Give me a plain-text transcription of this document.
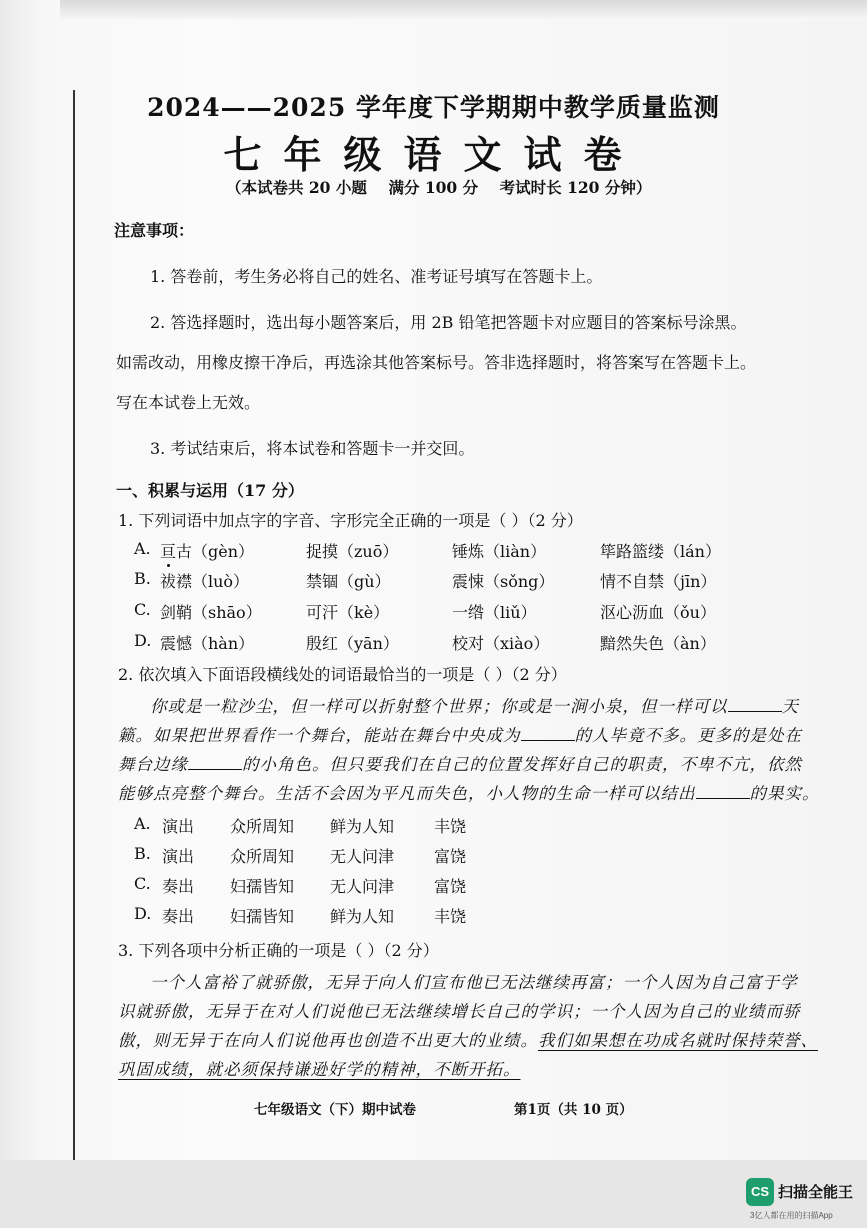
2024——2025 学年度下学期期中教学质量监测
七年级语文试卷
（本试卷共 20 小题    满分 100 分    考试时长 120 分钟）
注意事项：
1. 答卷前，考生务必将自己的姓名、准考证号填写在答题卡上。
2. 答选择题时，选出每小题答案后，用 2B 铅笔把答题卡对应题目的答案标号涂黑。
如需改动，用橡皮擦干净后，再选涂其他答案标号。答非选择题时，将答案写在答题卡上。
写在本试卷上无效。
3. 考试结束后，将本试卷和答题卡一并交回。
一、积累与运用（17 分）
1. 下列词语中加点字的字音、字形完全正确的一项是（ ）（2 分）
A. 亘古（gèn）	捉摸（zuō）	锤炼（liàn）	筚路篮缕（lán）
B. 祓襟（luò）	禁锢（gù）	震悚（sǒng）	情不自禁（jīn）
C. 剑鞘（shāo）	可汗（kè）	一绺（liǔ）	沤心沥血（ǒu）
D. 震憾（hàn）	殷红（yān）	校对（xiào）	黯然失色（àn）
2. 依次填入下面语段横线处的词语最恰当的一项是（ ）（2 分）
你或是一粒沙尘，但一样可以折射整个世界；你或是一涧小泉，但一样可以	天
籁。如果把世界看作一个舞台，能站在舞台中央成为	的人毕竟不多。更多的是处在
舞台边缘	的小角色。但只要我们在自己的位置发挥好自己的职责，不卑不亢，依然
能够点亮整个舞台。生活不会因为平凡而失色，小人物的生命一样可以结出	的果实。
A. 演出 众所周知 鲜为人知 丰饶
B. 演出 众所周知 无人问津 富饶
C. 奏出 妇孺皆知 无人问津 富饶
D. 奏出 妇孺皆知 鲜为人知 丰饶
3. 下列各项中分析正确的一项是（ ）（2 分）
一个人富裕了就骄傲，无异于向人们宣布他已无法继续再富；一个人因为自己富于学
识就骄傲，无异于在对人们说他已无法继续增长自己的学识；一个人因为自己的业绩而骄
傲，则无异于在向人们说他再也创造不出更大的业绩。我们如果想在功成名就时保持荣誉、
巩固成绩，就必须保持谦逊好学的精神，不断开拓。
七年级语文（下）期中试卷	第1页（共 10 页）
CS 扫描全能王
3亿人都在用的扫描App
